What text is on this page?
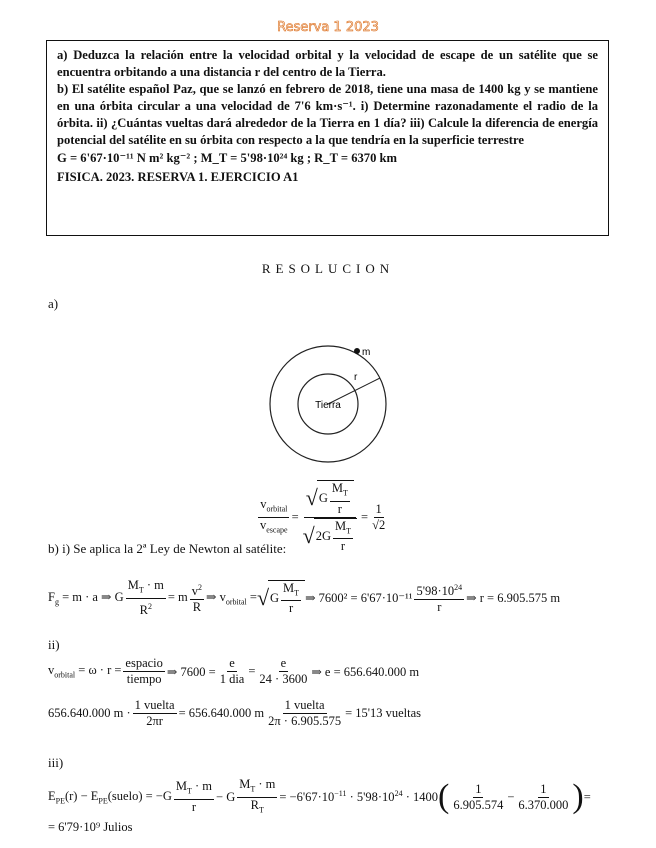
Reserva 1 2023

a) Deduzca la relación entre la velocidad orbital y la velocidad de escape de un satélite que se encuentra orbitando a una distancia r del centro de la Tierra.

b) El satélite español Paz, que se lanzó en febrero de 2018, tiene una masa de 1400 kg y se mantiene en una órbita circular a una velocidad de 7'6 km·s⁻¹. i) Determine razonadamente el radio de la órbita. ii) ¿Cuántas vueltas dará alrededor de la Tierra en 1 día? iii) Calcule la diferencia de energía potencial del satélite en su órbita con respecto a la que tendría en la superficie terrestre

G = 6'67·10⁻¹¹ N m² kg⁻² ; M_T = 5'98·10²⁴ kg ; R_T = 6370 km

FISICA. 2023. RESERVA 1. EJERCICIO A1

RESOLUCION
a)
m
r
Tierra
$\frac{v_{orbital}}{v_{escape}} = \frac{√ G \frac{M_T}{r}}{√ 2G \frac{M_T}{r}} = \frac{1}{√2}$
b) i) Se aplica la 2ª Ley de Newton al satélite:
$F_g = m \cdot a$ ⇒ G $\frac{M_T \cdot m}{R^2} = m \frac{v^2}{R}$ ⇒ $v_{orbital}$ = √ G $\frac{M_T}{r}$ ⇒ $7600^2 = 6'67\cdot 10^{-11} \frac{5'98\cdot 10^{24}}{r}$ ⇒ r = 6.905.575 m
ii)
$v_{orbital} = \omega \cdot r = \frac{\text{espacio}}{\text{tiempo}}$ ⇒ $7600 = \frac{e}{\text{1 dia}} = \frac{e}{24 \cdot 3600}$ ⇒ e = 656.640.000 m
656.640.000 $m \cdot \frac{\text{1 vuelta}}{2\pi r} = 656.640.000$ m $\frac{\text{1 vuelta}}{2\pi \cdot 6.905.575} = 15'13$ vueltas
iii)
$E_{PE}(r)$ − $E_{PE}(suelo) = -G \frac{M_T \cdot m}{r} - G \frac{M_T \cdot m}{R_T} = -6'67\cdot 10^{-11} \cdot 5'98\cdot 10^{24} \cdot 1400$ ( $\frac{1}{6.905.574} - \frac{1}{6.370.000}$ ) =
= 6'79·10⁹ Julios
